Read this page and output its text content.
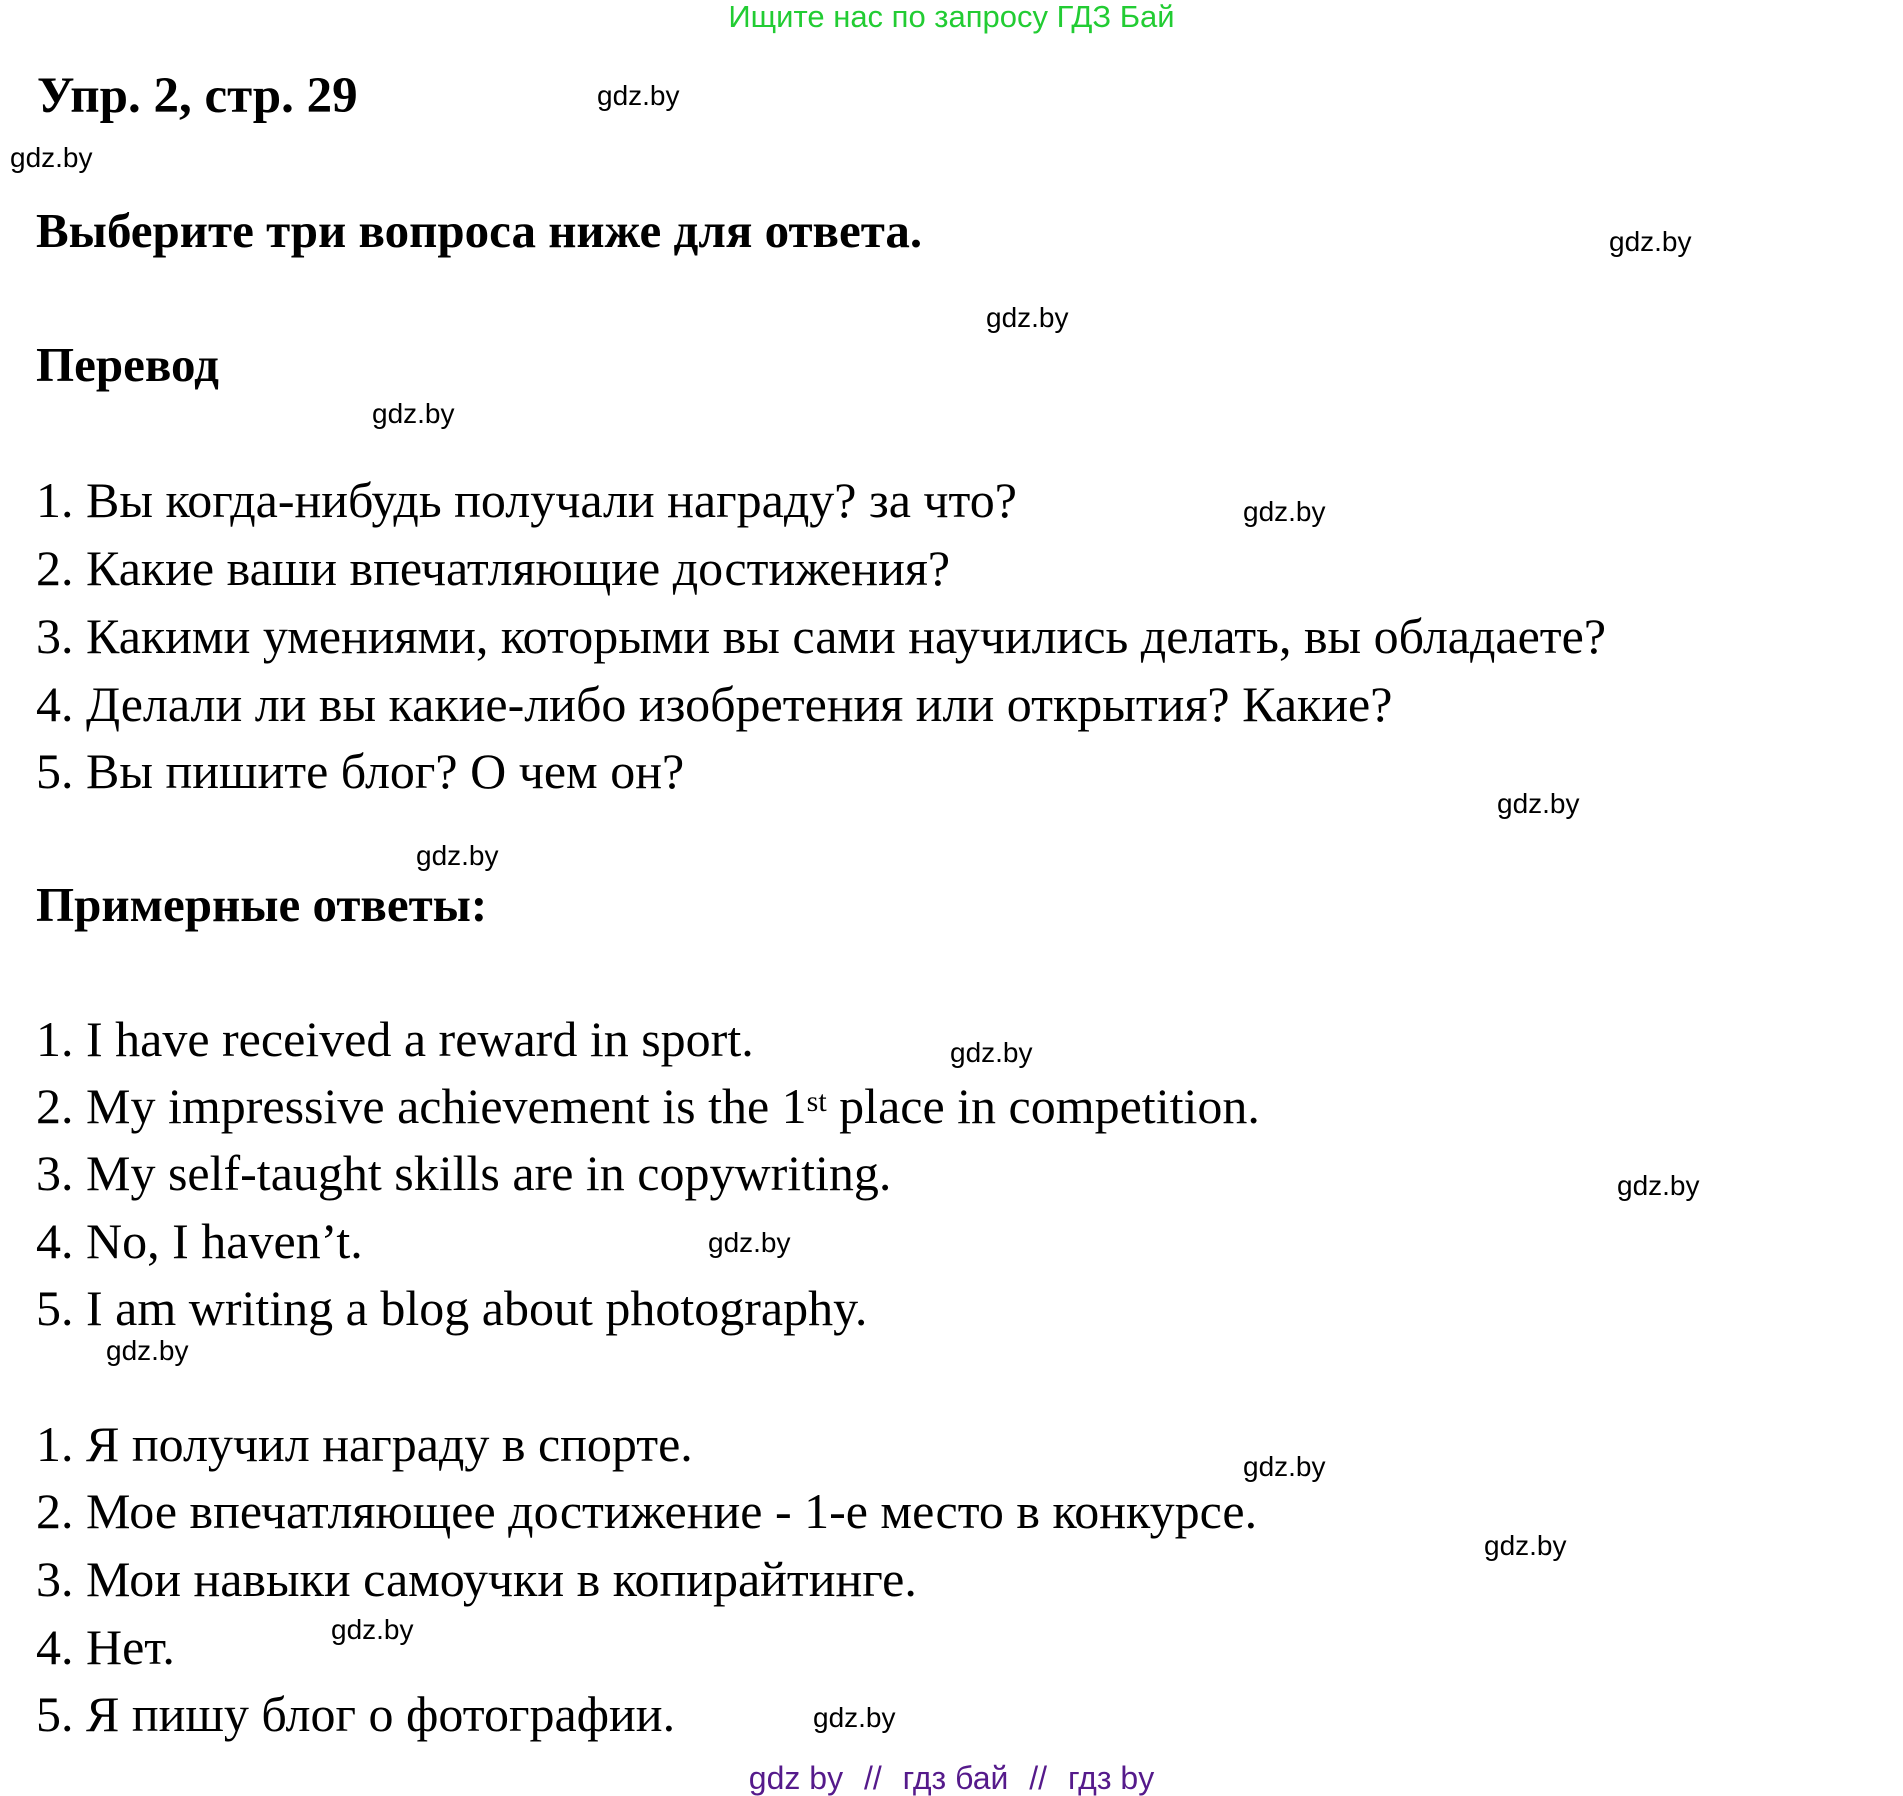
Ищите нас по запросу ГДЗ Бай
Упр. 2, стр. 29	gdz.by
gdz.by
Выберите три вопроса ниже для ответа.	gdz.by
gdz.by
Перевод
gdz.by
1. Вы когда-нибудь получали награду? за что?	gdz.by
2. Какие ваши впечатляющие достижения?
3. Какими умениями, которыми вы сами научились делать, вы обладаете?
4. Делали ли вы какие-либо изобретения или открытия? Какие?
5. Вы пишите блог? О чем он?
gdz.by
gdz.by
Примерные ответы:
1. I have received a reward in sport.	gdz.by
2. My impressive achievement is the 1st place in competition.
3. My self-taught skills are in copywriting.	gdz.by
4. No, I haven’t.	gdz.by
5. I am writing a blog about photography.
gdz.by
1. Я получил награду в спорте.	gdz.by
2. Мое впечатляющее достижение - 1-е место в конкурсе.
gdz.by
3. Мои навыки самоучки в копирайтинге.
gdz.by
4. Нет.
5. Я пишу блог о фотографии.	gdz.by
gdz by // гдз бай // гдз by
